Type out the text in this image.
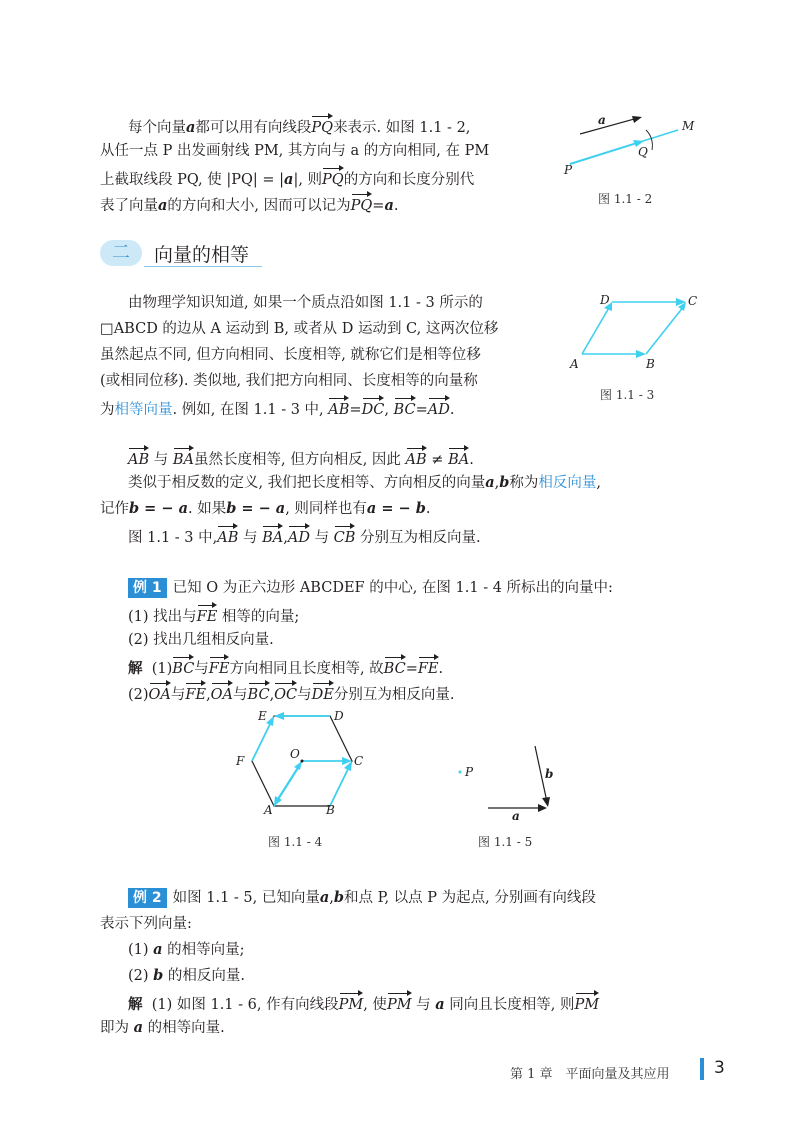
每个向量a都可以用有向线段PQ来表示. 如图 1.1 - 2,
从任一点 P 出发画射线 PM, 其方向与 a 的方向相同, 在 PM
上截取线段 PQ, 使 |PQ| = |a|, 则PQ的方向和长度分别代
表了向量a的方向和大小, 因而可以记为PQ=a.
a	M
P
Q
图 1.1 - 2
二	向量的相等
由物理学知识知道, 如果一个质点沿如图 1.1 - 3 所示的
□ABCD 的边从 A 运动到 B, 或者从 D 运动到 C, 这两次位移
虽然起点不同, 但方向相同、长度相等, 就称它们是相等位移
(或相同位移). 类似地, 我们把方向相同、长度相等的向量称
为相等向量. 例如, 在图 1.1 - 3 中, AB=DC, BC=AD.
D	C
A	B
图 1.1 - 3
AB 与 BA虽然长度相等, 但方向相反, 因此 AB ≠ BA.
类似于相反数的定义, 我们把长度相等、方向相反的向量a,b称为相反向量,
记作b = − a. 如果b = − a, 则同样也有a = − b.
图 1.1 - 3 中,AB 与 BA,AD 与 CB 分别互为相反向量.
例 1 已知 O 为正六边形 ABCDEF 的中心, 在图 1.1 - 4 所标出的向量中:
(1) 找出与FE 相等的向量;
(2) 找出几组相反向量.
解 (1)BC与FE方向相同且长度相等, 故BC=FE.
(2)OA与FE,OA与BC,OC与DE分别互为相反向量.
E	D
F	O	C
A	B
图 1.1 - 4
P	b
a
图 1.1 - 5
例 2 如图 1.1 - 5, 已知向量a,b和点 P, 以点 P 为起点, 分别画有向线段
表示下列向量:
(1) a 的相等向量;
(2) b 的相反向量.
解 (1) 如图 1.1 - 6, 作有向线段PM, 使PM 与 a 同向且长度相等, 则PM
即为 a 的相等向量.
第 1 章　平面向量及其应用	3
